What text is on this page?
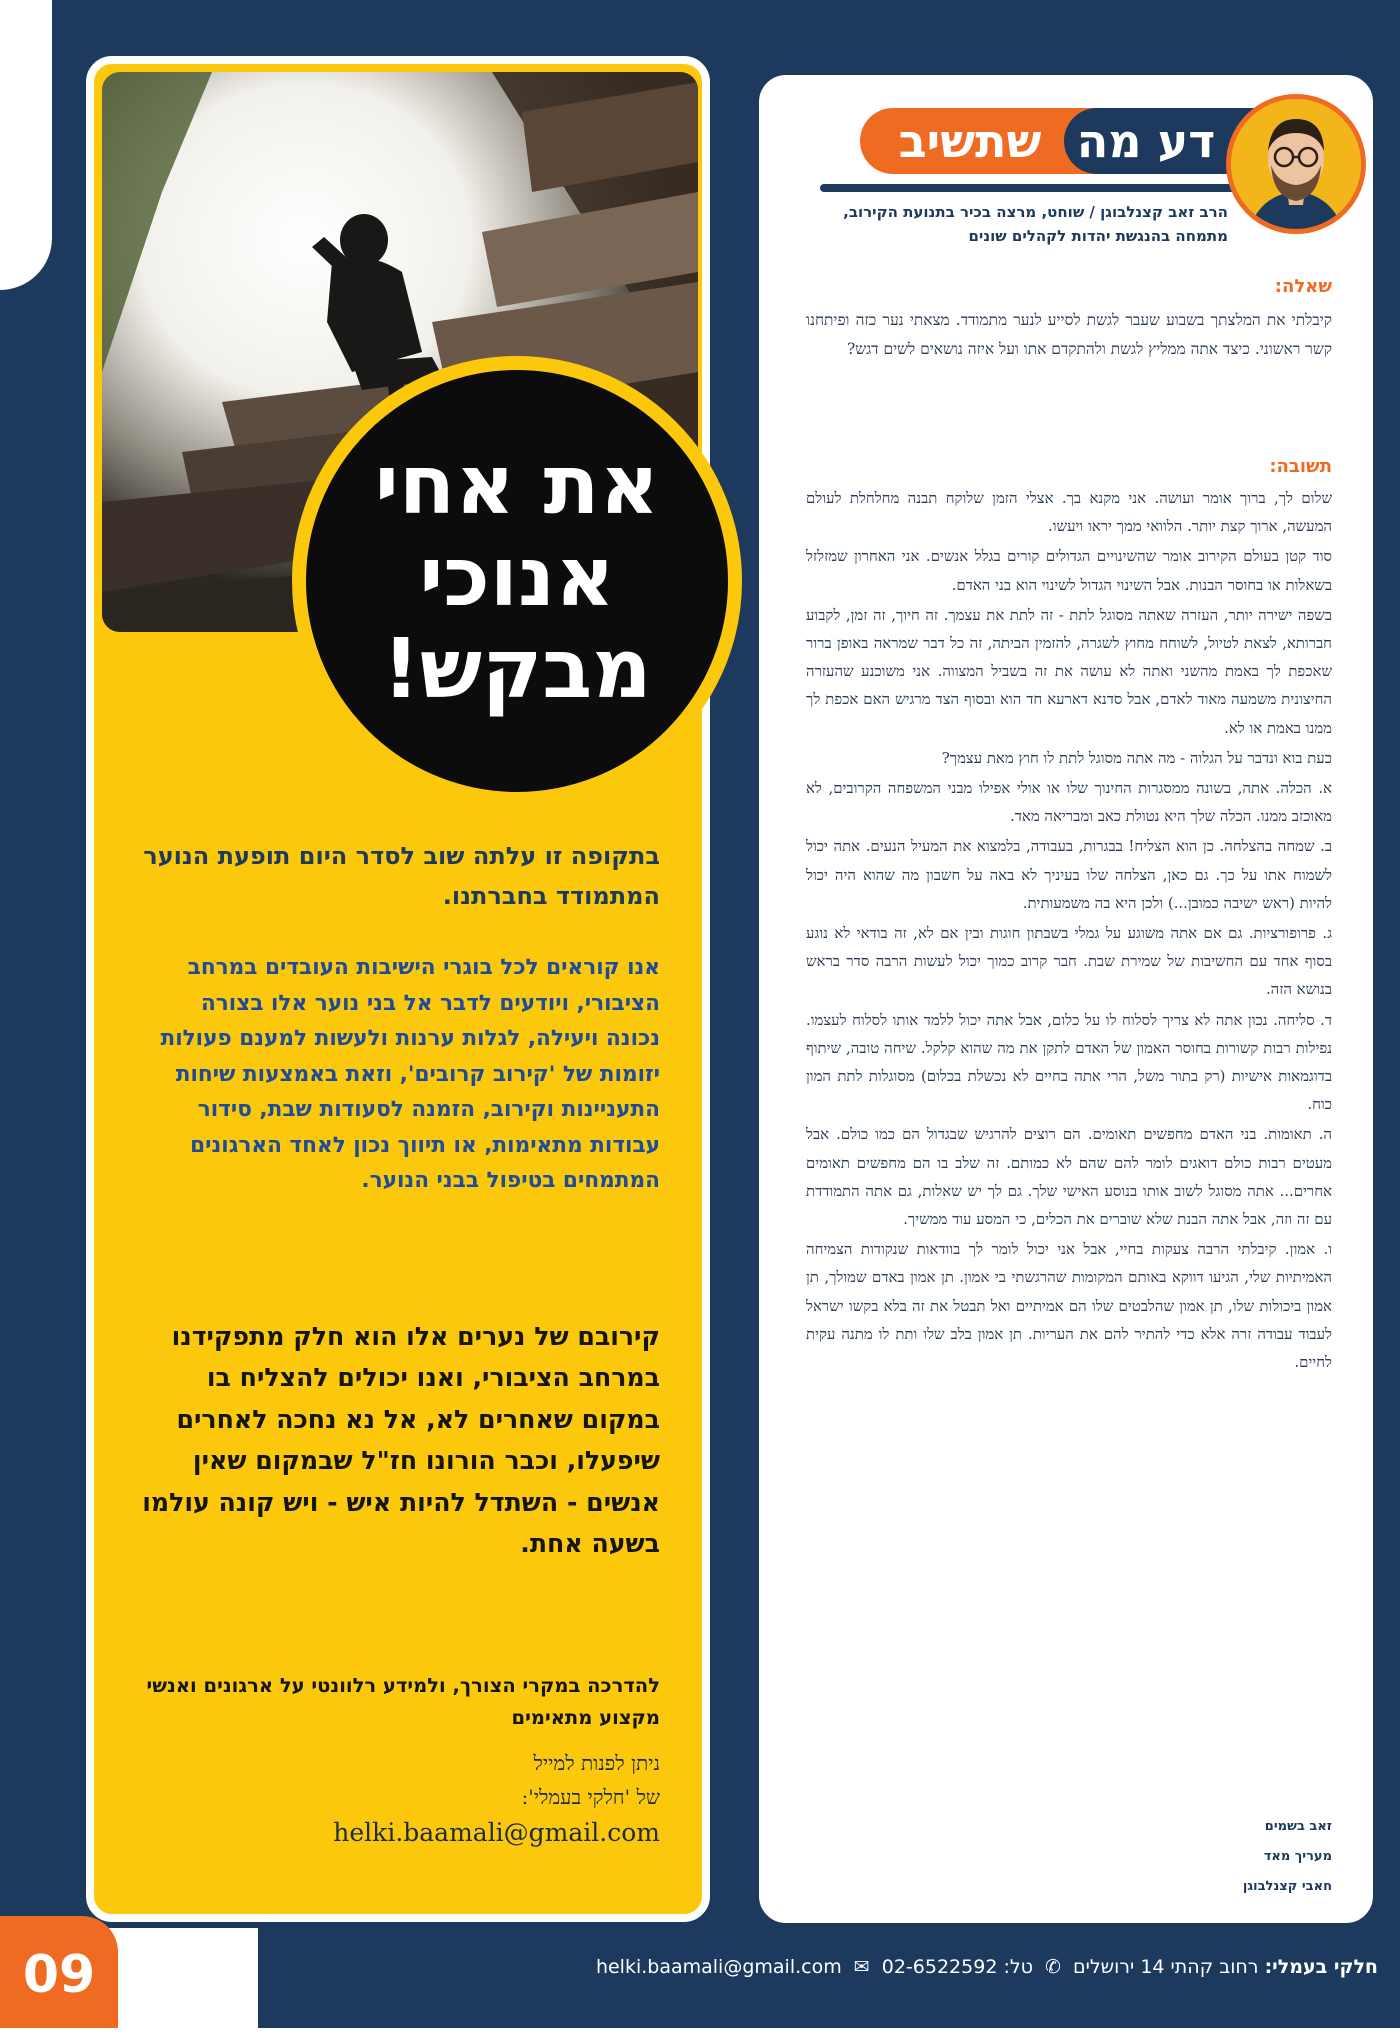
את אחי אנוכי מבקש!
בתקופה זו עלתה שוב לסדר היום תופעת הנוער המתמודד בחברתנו.
אנו קוראים לכל בוגרי הישיבות העובדים במרחב הציבורי, ויודעים לדבר אל בני נוער אלו בצורה נכונה ויעילה, לגלות ערנות ולעשות למענם פעולות יזומות של 'קירוב קרובים', וזאת באמצעות שיחות התעניינות וקירוב, הזמנה לסעודות שבת, סידור עבודות מתאימות, או תיווך נכון לאחד הארגונים המתמחים בטיפול בבני הנוער.
קירובם של נערים אלו הוא חלק מתפקידנו במרחב הציבורי, ואנו יכולים להצליח בו במקום שאחרים לא, אל נא נחכה לאחרים שיפעלו, וכבר הורונו חז"ל שבמקום שאין אנשים - השתדל להיות איש - ויש קונה עולמו בשעה אחת.
להדרכה במקרי הצורך, ולמידע רלוונטי על ארגונים ואנשי מקצוע מתאימים
ניתן לפנות למייל
של 'חלקי בעמלי':
helki.baamali@gmail.com
שתשיב דע מה
הרב זאב קצנלבוגן / שוחט, מרצה בכיר בתנועת הקירוב, מתמחה בהנגשת יהדות לקהלים שונים
שאלה:
קיבלתי את המלצתך בשבוע שעבר לגשת לסייע לנער מתמודד. מצאתי נער כזה ופיתחנו קשר ראשוני. כיצד אתה ממליץ לגשת ולהתקדם אתו ועל איזה נושאים לשים דגש?
תשובה:

שלום לך, ברוך אומר ועושה. אני מקנא בך. אצלי הזמן שלוקח תבנה מחלחלת לעולם המעשה, ארוך קצת יותר. הלוואי ממך יראו ויעשו.

סוד קטן בעולם הקירוב אומר שהשינויים הגדולים קורים בגלל אנשים. אני האחרון שמזלזל בשאלות או בחוסר הבנות. אבל השינוי הגדול לשינוי הוא בני האדם.

בשפה ישירה יותר, העזרה שאתה מסוגל לתת - זה לתת את עצמך. זה חיוך, זה זמן, לקבוע חברותא, לצאת לטיול, לשוחח מחוץ לשגרה, להזמין הביתה, זה כל דבר שמראה באופן ברור שאכפת לך באמת מהשני ואתה לא עושה את זה בשביל המצווה. אני משוכנע שהעזרה החיצונית משמעה מאוד לאדם, אבל סדנא דארעא חד הוא ובסוף הצד מרגיש האם אכפת לך ממנו באמת או לא.

כעת בוא ונדבר על הגלוה - מה אתה מסוגל לתת לו חוץ מאת עצמך?

א. הכלה. אתה, בשונה ממסגרות החינוך שלו או אולי אפילו מבני המשפחה הקרובים, לא מאוכזב ממנו. הכלה שלך היא נטולת כאב ומבריאה מאד.

ב. שמחה בהצלחה. כן הוא הצליח! בבגרות, בעבודה, בלמצוא את המעיל הנעים. אתה יכול לשמוח אתו על כך. גם כאן, הצלחה שלו בעיניך לא באה על חשבון מה שהוא היה יכול להיות (ראש ישיבה כמובן...) ולכן היא בה משמעותית.

ג. פרופורציות. גם אם אתה משוגע על גמלי בשבתון חוגות ובין אם לא, זה בודאי לא נוגע בסוף אחד עם החשיבות של שמירת שבת. חבר קרוב כמוך יכול לעשות הרבה סדר בראש בנושא הזה.

ד. סליחה. נכון אתה לא צריך לסלוח לו על כלום, אבל אתה יכול ללמד אותו לסלוח לעצמו. נפילות רבות קשורות בחוסר האמון של האדם לתקן את מה שהוא קלקל. שיחה טובה, שיתוף בדוגמאות אישיות (רק בתור משל, הרי אתה בחיים לא נכשלת בכלום) מסוגלות לתת המון כוח.

ה. תאומות. בני האדם מחפשים תאומים. הם רוצים להרגיש שבגדול הם כמו כולם. אבל מעטים רבות כולם דואגים לומר להם שהם לא כמותם. זה שלב בו הם מחפשים תאומים אחרים... אתה מסוגל לשוב אותו בנוסע האישי שלך. גם לך יש שאלות, גם אתה התמודדת עם זה וזה, אבל אתה הבנת שלא שוברים את הכלים, כי המסע עוד ממשיך.

ו. אמון. קיבלתי הרבה צעקות בחיי, אבל אני יכול לומר לך בוודאות שנקודות הצמיחה האמיתיות שלי, הגיעו דווקא באותם המקומות שהרגשתי בי אמון. תן אמון באדם שמולך, תן אמון ביכולות שלו, תן אמון שהלבטים שלו הם אמיתיים ואל תבטל את זה בלא בקשו ישראל לעבוד עבודה זרה אלא כדי להתיר להם את העריות. תן אמון בלב שלו ותת לו מתנה עקית לחיים.

זאב בשמים
מעריך מאד
חאבי קצנלבוגן
חלקי בעמלי: רחוב קהתי 14 ירושלים ✆ טל: 02-6522592 ✉ helki.baamali@gmail.com
09
